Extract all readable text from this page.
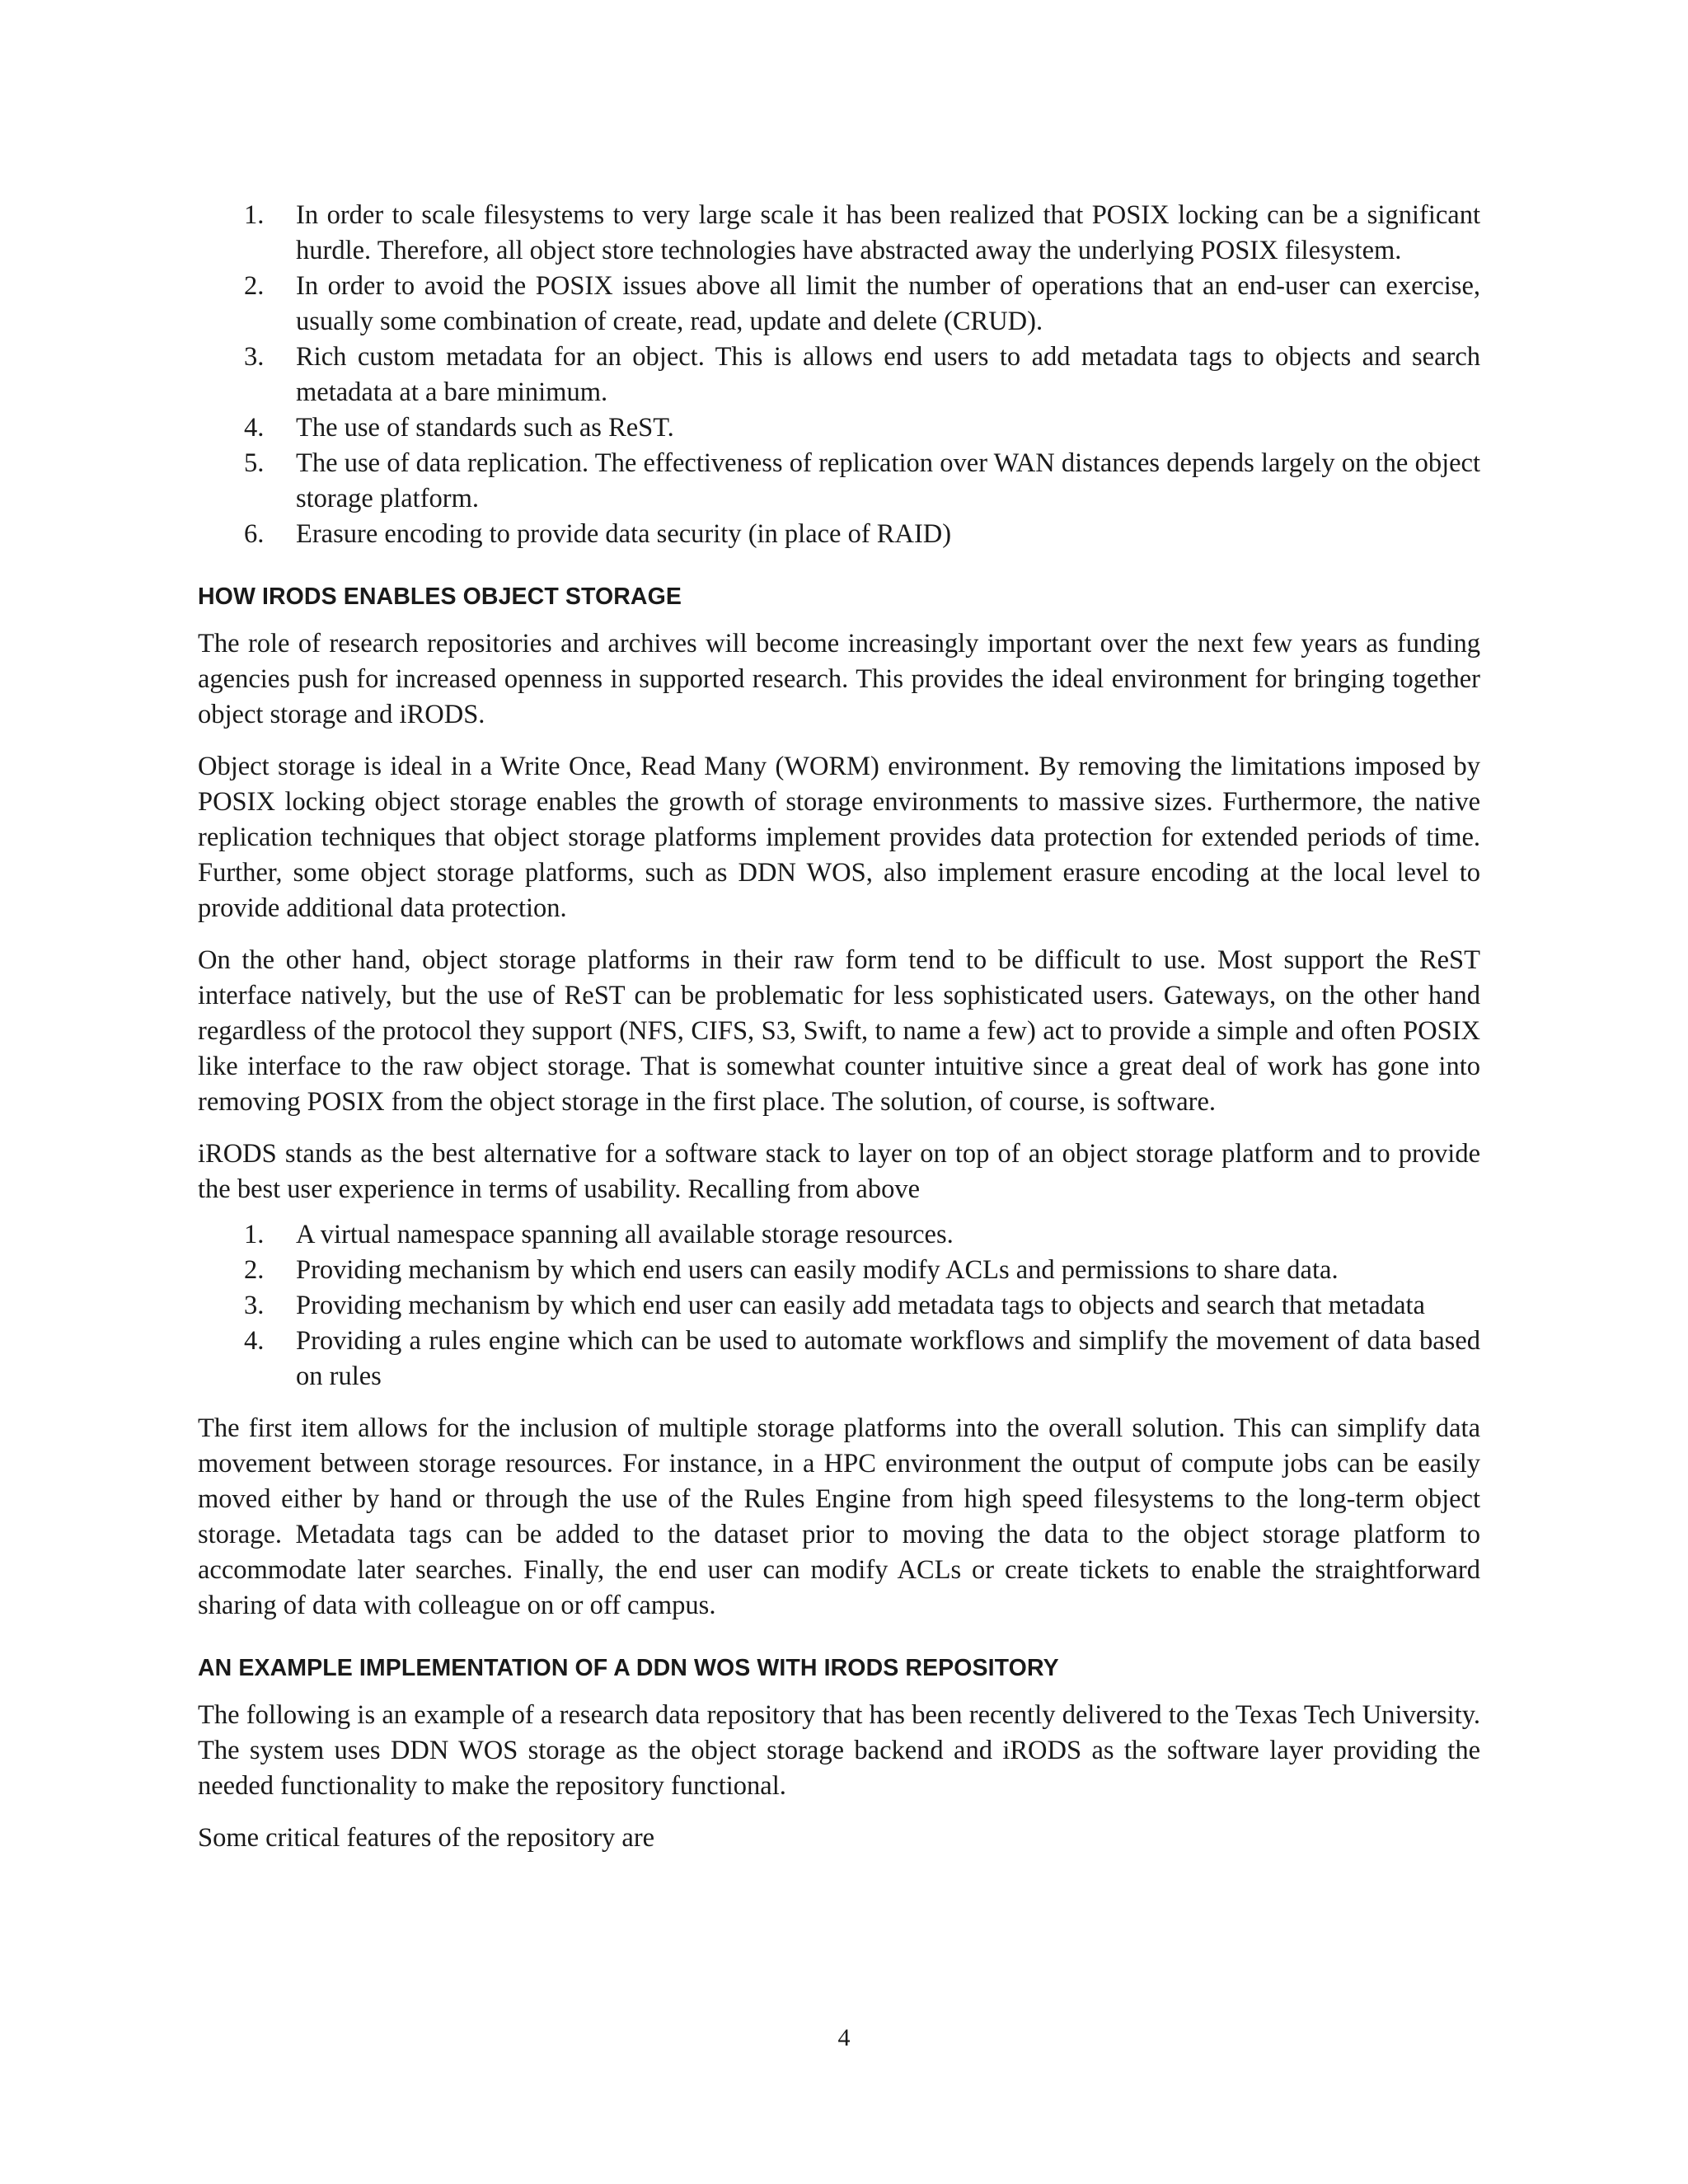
1.	In order to scale filesystems to very large scale it has been realized that POSIX locking can be a significant hurdle. Therefore, all object store technologies have abstracted away the underlying POSIX filesystem.
2.	In order to avoid the POSIX issues above all limit the number of operations that an end-user can exercise, usually some combination of create, read, update and delete (CRUD).
3.	Rich custom metadata for an object. This is allows end users to add metadata tags to objects and search metadata at a bare minimum.
4.	The use of standards such as ReST.
5.	The use of data replication. The effectiveness of replication over WAN distances depends largely on the object storage platform.
6.	Erasure encoding to provide data security (in place of RAID)
HOW IRODS ENABLES OBJECT STORAGE

The role of research repositories and archives will become increasingly important over the next few years as funding agencies push for increased openness in supported research. This provides the ideal environment for bringing together object storage and iRODS.

Object storage is ideal in a Write Once, Read Many (WORM) environment. By removing the limitations imposed by POSIX locking object storage enables the growth of storage environments to massive sizes. Furthermore, the native replication techniques that object storage platforms implement provides data protection for extended periods of time. Further, some object storage platforms, such as DDN WOS, also implement erasure encoding at the local level to provide additional data protection.

On the other hand, object storage platforms in their raw form tend to be difficult to use. Most support the ReST interface natively, but the use of ReST can be problematic for less sophisticated users. Gateways, on the other hand regardless of the protocol they support (NFS, CIFS, S3, Swift, to name a few) act to provide a simple and often POSIX like interface to the raw object storage. That is somewhat counter intuitive since a great deal of work has gone into removing POSIX from the object storage in the first place. The solution, of course, is software.

iRODS stands as the best alternative for a software stack to layer on top of an object storage platform and to provide the best user experience in terms of usability. Recalling from above

1.	A virtual namespace spanning all available storage resources.
2.	Providing mechanism by which end users can easily modify ACLs and permissions to share data.
3.	Providing mechanism by which end user can easily add metadata tags to objects and search that metadata
4.	Providing a rules engine which can be used to automate workflows and simplify the movement of data based on rules

The first item allows for the inclusion of multiple storage platforms into the overall solution. This can simplify data movement between storage resources. For instance, in a HPC environment the output of compute jobs can be easily moved either by hand or through the use of the Rules Engine from high speed filesystems to the long-term object storage. Metadata tags can be added to the dataset prior to moving the data to the object storage platform to accommodate later searches. Finally, the end user can modify ACLs or create tickets to enable the straightforward sharing of data with colleague on or off campus.

AN EXAMPLE IMPLEMENTATION OF A DDN WOS WITH IRODS REPOSITORY

The following is an example of a research data repository that has been recently delivered to the Texas Tech University. The system uses DDN WOS storage as the object storage backend and iRODS as the software layer providing the needed functionality to make the repository functional.

Some critical features of the repository are

4
